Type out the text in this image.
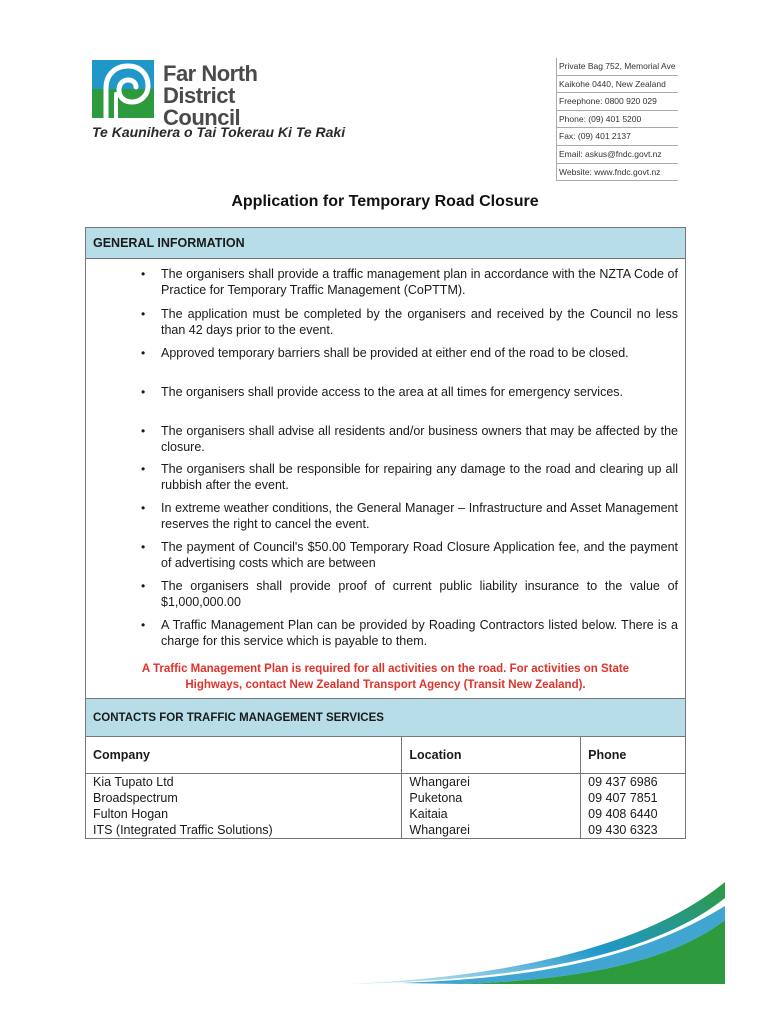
Far North
District Council
Te Kaunihera o Tai Tokerau Ki Te Raki
Private Bag 752, Memorial Ave
Kaikohe 0440, New Zealand
Freephone: 0800 920 029
Phone: (09) 401 5200
Fax: (09) 401 2137
Email: askus@fndc.govt.nz
Website: www.fndc.govt.nz
Application for Temporary Road Closure
GENERAL INFORMATION
• The organisers shall provide a traffic management plan in accordance with the NZTA Code of Practice for Temporary Traffic Management (CoPTTM).
• The application must be completed by the organisers and received by the Council no less than 42 days prior to the event.
• Approved temporary barriers shall be provided at either end of the road to be closed.
• The organisers shall provide access to the area at all times for emergency services.
• The organisers shall advise all residents and/or business owners that may be affected by the closure.
• The organisers shall be responsible for repairing any damage to the road and clearing up all rubbish after the event.
• In extreme weather conditions, the General Manager – Infrastructure and Asset Management reserves the right to cancel the event.
• The payment of Council's $50.00 Temporary Road Closure Application fee, and the payment of advertising costs which are between
• The organisers shall provide proof of current public liability insurance to the value of $1,000,000.00
• A Traffic Management Plan can be provided by Roading Contractors listed below. There is a charge for this service which is payable to them.
A Traffic Management Plan is required for all activities on the road. For activities on State
Highways, contact New Zealand Transport Agency (Transit New Zealand).
CONTACTS FOR TRAFFIC MANAGEMENT SERVICES
Company	Location	Phone
Kia Tupato Ltd	Whangarei	09 437 6986
Broadspectrum	Puketona	09 407 7851
Fulton Hogan	Kaitaia	09 408 6440
ITS (Integrated Traffic Solutions)	Whangarei	09 430 6323
